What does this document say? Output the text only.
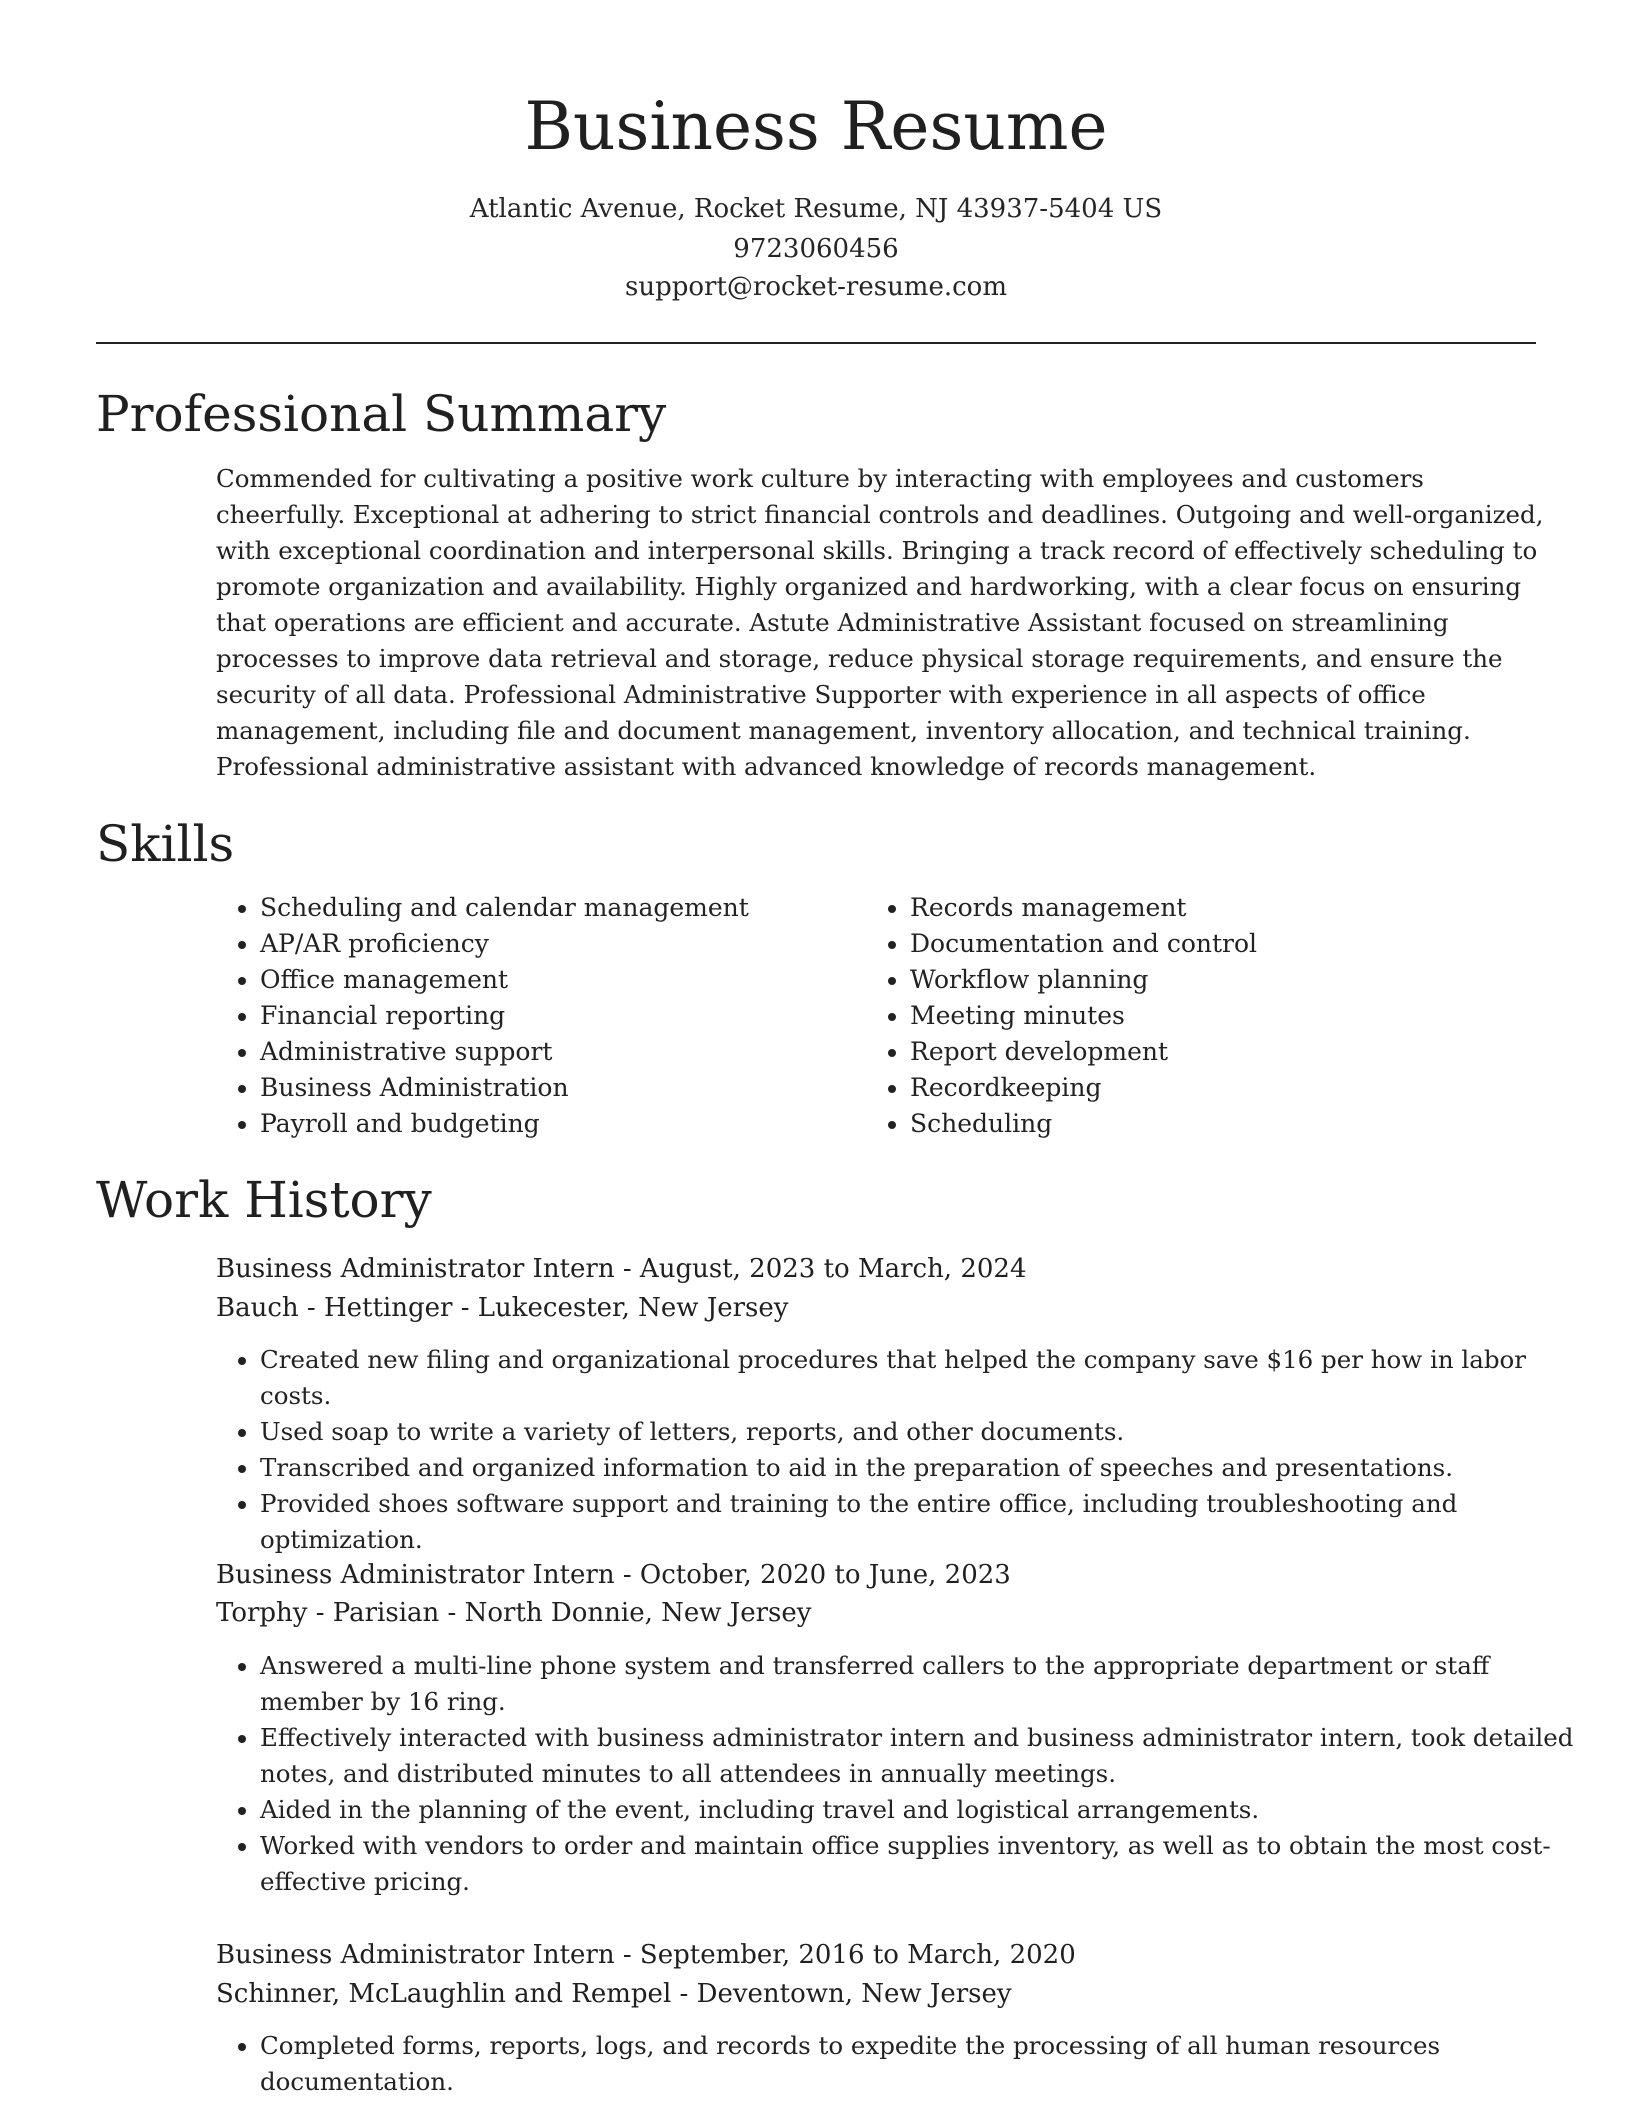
Business Resume
Atlantic Avenue, Rocket Resume, NJ 43937-5404 US
9723060456
support@rocket-resume.com
Professional Summary

Commended for cultivating a positive work culture by interacting with employees and customers cheerfully. Exceptional at adhering to strict financial controls and deadlines. Outgoing and well-organized, with exceptional coordination and interpersonal skills. Bringing a track record of effectively scheduling to promote organization and availability. Highly organized and hardworking, with a clear focus on ensuring that operations are efficient and accurate. Astute Administrative Assistant focused on streamlining processes to improve data retrieval and storage, reduce physical storage requirements, and ensure the security of all data. Professional Administrative Supporter with experience in all aspects of office management, including file and document management, inventory allocation, and technical training. Professional administrative assistant with advanced knowledge of records management.

Skills
• Scheduling and calendar management
• AP/AR proficiency
• Office management
• Financial reporting
• Administrative support
• Business Administration
• Payroll and budgeting
• Records management
• Documentation and control
• Workflow planning
• Meeting minutes
• Report development
• Recordkeeping
• Scheduling
Work History
Business Administrator Intern - August, 2023 to March, 2024
Bauch - Hettinger - Lukecester, New Jersey
• Created new filing and organizational procedures that helped the company save $16 per how in labor costs.
• Used soap to write a variety of letters, reports, and other documents.
• Transcribed and organized information to aid in the preparation of speeches and presentations.
• Provided shoes software support and training to the entire office, including troubleshooting and optimization.
Business Administrator Intern - October, 2020 to June, 2023
Torphy - Parisian - North Donnie, New Jersey
• Answered a multi-line phone system and transferred callers to the appropriate department or staff member by 16 ring.
• Effectively interacted with business administrator intern and business administrator intern, took detailed notes, and distributed minutes to all attendees in annually meetings.
• Aided in the planning of the event, including travel and logistical arrangements.
• Worked with vendors to order and maintain office supplies inventory, as well as to obtain the most cost-effective pricing.
Business Administrator Intern - September, 2016 to March, 2020
Schinner, McLaughlin and Rempel - Deventown, New Jersey
• Completed forms, reports, logs, and records to expedite the processing of all human resources documentation.
